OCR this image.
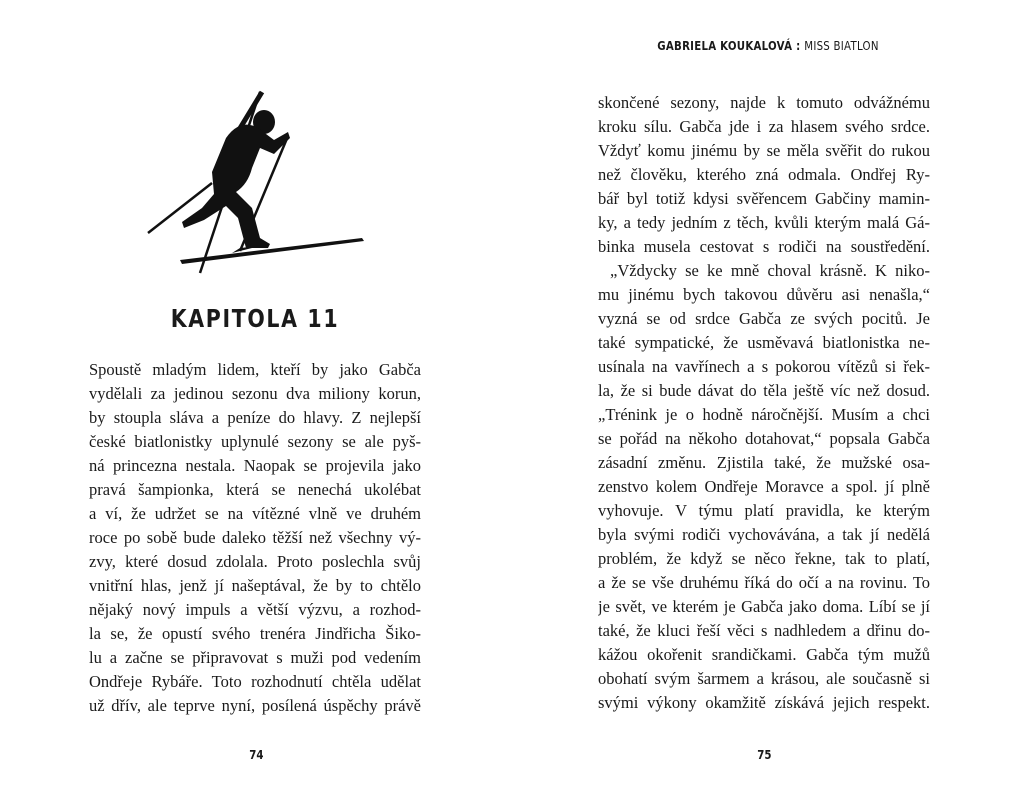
GABRIELA KOUKALOVÁ : MISS BIATLON
KAPITOLA 11
Spoustě mladým lidem, kteří by jako Gabča
vydělali za jedinou sezonu dva miliony korun,
by stoupla sláva a peníze do hlavy. Z nejlepší
české biatlonistky uplynulé sezony se ale pyš-
ná princezna nestala. Naopak se projevila jako
pravá šampionka, která se nenechá ukolébat
a ví, že udržet se na vítězné vlně ve druhém
roce po sobě bude daleko těžší než všechny vý-
zvy, které dosud zdolala. Proto poslechla svůj
vnitřní hlas, jenž jí našeptával, že by to chtělo
nějaký nový impuls a větší výzvu, a rozhod-
la se, že opustí svého trenéra Jindřicha Šiko-
lu a začne se připravovat s muži pod vedením
Ondřeje Rybáře. Toto rozhodnutí chtěla udělat
už dřív, ale teprve nyní, posílená úspěchy právě
skončené sezony, najde k tomuto odvážnému
kroku sílu. Gabča jde i za hlasem svého srdce.
Vždyť komu jinému by se měla svěřit do rukou
než člověku, kterého zná odmala. Ondřej Ry-
bář byl totiž kdysi svěřencem Gabčiny mamin-
ky, a tedy jedním z těch, kvůli kterým malá Gá-
binka musela cestovat s rodiči na soustředění.
„Vždycky se ke mně choval krásně. K niko-
mu jinému bych takovou důvěru asi nenašla,“
vyzná se od srdce Gabča ze svých pocitů. Je
také sympatické, že usměvavá biatlonistka ne-
usínala na vavřínech a s pokorou vítězů si řek-
la, že si bude dávat do těla ještě víc než dosud.
„Trénink je o hodně náročnější. Musím a chci
se pořád na někoho dotahovat,“ popsala Gabča
zásadní změnu. Zjistila také, že mužské osa-
zenstvo kolem Ondřeje Moravce a spol. jí plně
vyhovuje. V týmu platí pravidla, ke kterým
byla svými rodiči vychovávána, a tak jí nedělá
problém, že když se něco řekne, tak to platí,
a že se vše druhému říká do očí a na rovinu. To
je svět, ve kterém je Gabča jako doma. Líbí se jí
také, že kluci řeší věci s nadhledem a dřinu do-
kážou okořenit srandičkami. Gabča tým mužů
obohatí svým šarmem a krásou, ale současně si
svými výkony okamžitě získává jejich respekt.
74	75
